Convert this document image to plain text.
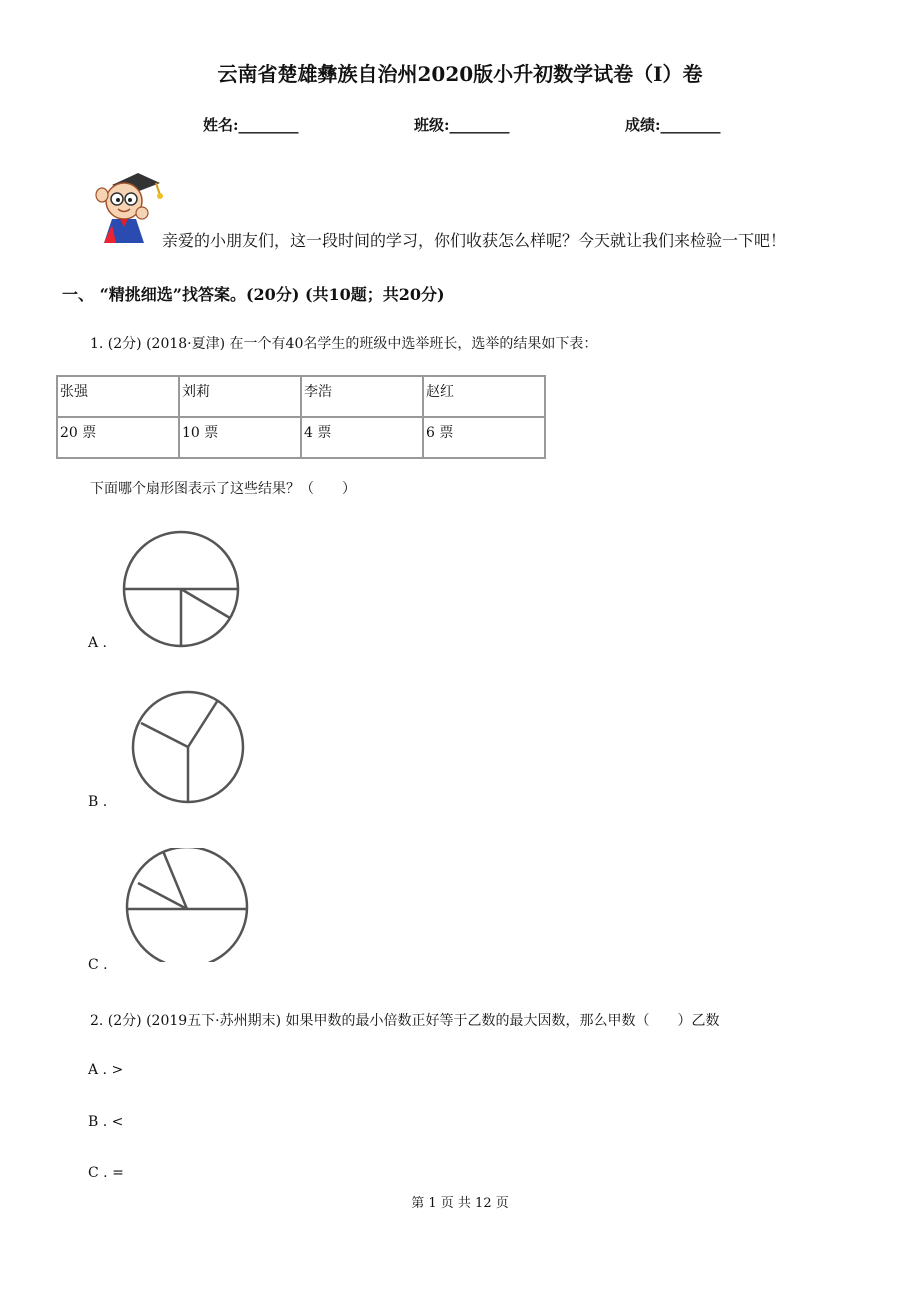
云南省楚雄彝族自治州2020版小升初数学试卷（I）卷
姓名:________	班级:________	成绩:________
亲爱的小朋友们，这一段时间的学习，你们收获怎么样呢？今天就让我们来检验一下吧！
一、 “精挑细选”找答案。(20分) (共10题；共20分)
1. (2分) (2018·夏津) 在一个有40名学生的班级中选举班长，选举的结果如下表：
张强	刘莉	李浩	赵红
20 票	10 票	4 票	6 票
下面哪个扇形图表示了这些结果？（　　）
A .
B .
C .
2. (2分) (2019五下·苏州期末) 如果甲数的最小倍数正好等于乙数的最大因数，那么甲数（　　）乙数
A . >
B . <
C . =
第 1 页 共 12 页
